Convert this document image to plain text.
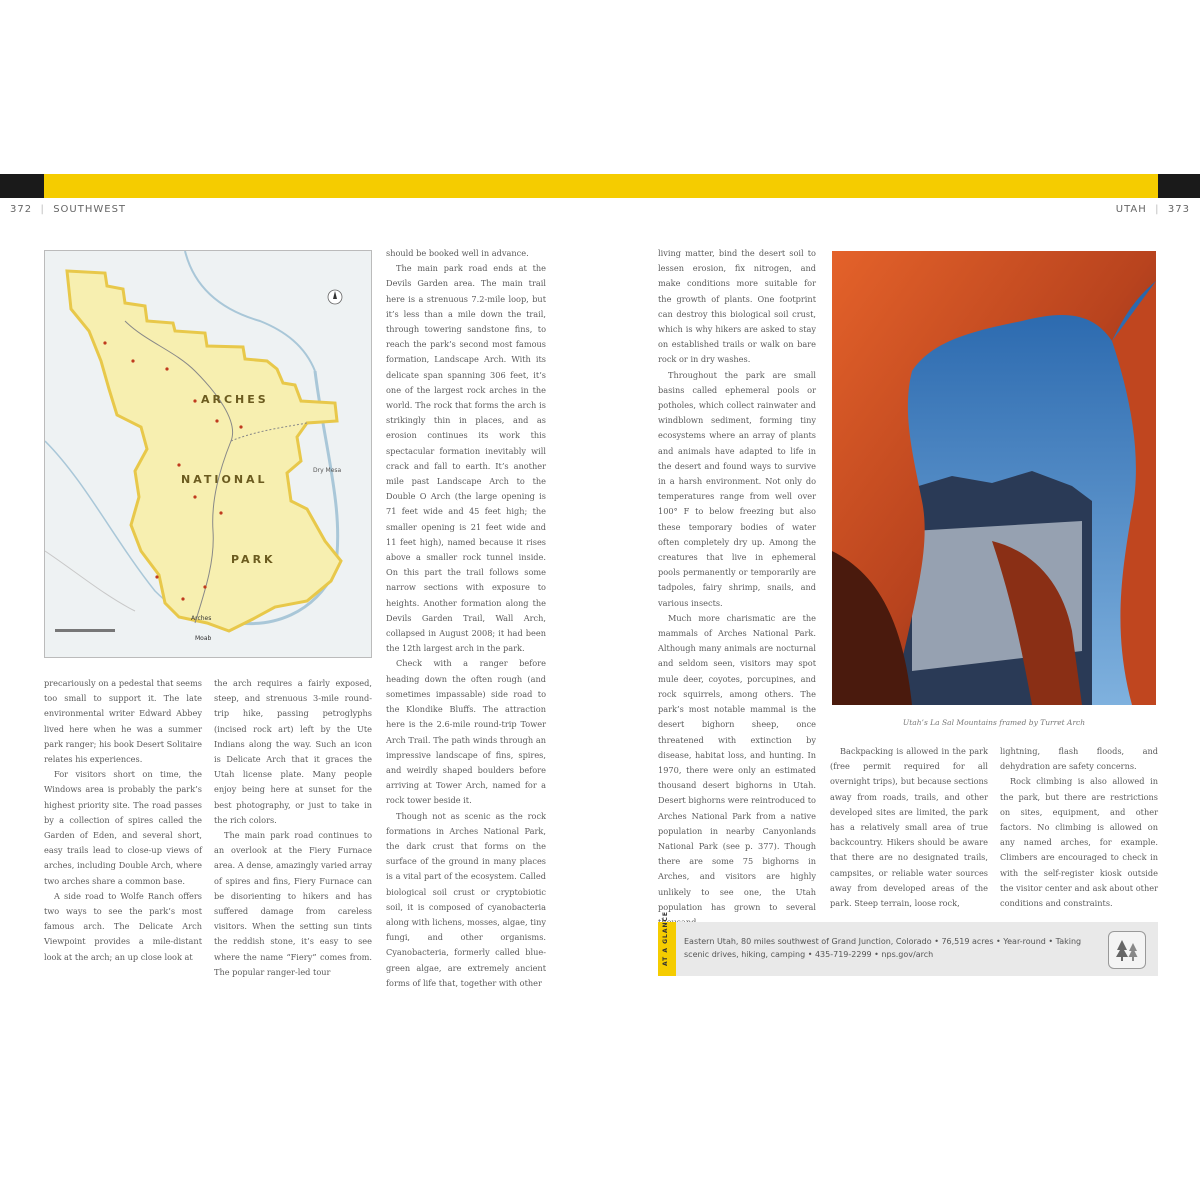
372  |  SOUTHWEST	UTAH  |  373
ARCHES
NATIONAL
PARK
Dry Mesa
Arches
Moab

precariously on a pedestal that seems too small to support it. The late environmental writer Edward Abbey lived here when he was a summer park ranger; his book Desert Solitaire relates his experiences.

For visitors short on time, the Windows area is probably the park’s highest priority site. The road passes by a collection of spires called the Garden of Eden, and several short, easy trails lead to close-up views of arches, including Double Arch, where two arches share a common base.

A side road to Wolfe Ranch offers two ways to see the park’s most famous arch. The Delicate Arch Viewpoint provides a mile-distant look at the arch; an up close look at

the arch requires a fairly exposed, steep, and strenuous 3-mile round-trip hike, passing petroglyphs (incised rock art) left by the Ute Indians along the way. Such an icon is Delicate Arch that it graces the Utah license plate. Many people enjoy being here at sunset for the best photography, or just to take in the rich colors.

The main park road continues to an overlook at the Fiery Furnace area. A dense, amazingly varied array of spires and fins, Fiery Furnace can be disorienting to hikers and has suffered damage from careless visitors. When the setting sun tints the reddish stone, it’s easy to see where the name “Fiery” comes from. The popular ranger-led tour

should be booked well in advance.

The main park road ends at the Devils Garden area. The main trail here is a strenuous 7.2-mile loop, but it’s less than a mile down the trail, through towering sandstone fins, to reach the park’s second most famous formation, Landscape Arch. With its delicate span spanning 306 feet, it’s one of the largest rock arches in the world. The rock that forms the arch is strikingly thin in places, and as erosion continues its work this spectacular formation inevitably will crack and fall to earth. It’s another mile past Landscape Arch to the Double O Arch (the large opening is 71 feet wide and 45 feet high; the smaller opening is 21 feet wide and 11 feet high), named because it rises above a smaller rock tunnel inside. On this part the trail follows some narrow sections with exposure to heights. Another formation along the Devils Garden Trail, Wall Arch, collapsed in August 2008; it had been the 12th largest arch in the park.

Check with a ranger before heading down the often rough (and sometimes impassable) side road to the Klondike Bluffs. The attraction here is the 2.6-mile round-trip Tower Arch Trail. The path winds through an impressive landscape of fins, spires, and weirdly shaped boulders before arriving at Tower Arch, named for a rock tower beside it.

Though not as scenic as the rock formations in Arches National Park, the dark crust that forms on the surface of the ground in many places is a vital part of the ecosystem. Called biological soil crust or cryptobiotic soil, it is composed of cyanobacteria along with lichens, mosses, algae, tiny fungi, and other organisms. Cyanobacteria, formerly called blue-green algae, are extremely ancient forms of life that, together with other

living matter, bind the desert soil to lessen erosion, fix nitrogen, and make conditions more suitable for the growth of plants. One footprint can destroy this biological soil crust, which is why hikers are asked to stay on established trails or walk on bare rock or in dry washes.

Throughout the park are small basins called ephemeral pools or potholes, which collect rainwater and windblown sediment, forming tiny ecosystems where an array of plants and animals have adapted to life in the desert and found ways to survive in a harsh environment. Not only do temperatures range from well over 100° F to below freezing but also these temporary bodies of water often completely dry up. Among the creatures that live in ephemeral pools permanently or temporarily are tadpoles, fairy shrimp, snails, and various insects.

Much more charismatic are the mammals of Arches National Park. Although many animals are nocturnal and seldom seen, visitors may spot mule deer, coyotes, porcupines, and rock squirrels, among others. The park’s most notable mammal is the desert bighorn sheep, once threatened with extinction by disease, habitat loss, and hunting. In 1970, there were only an estimated thousand desert bighorns in Utah. Desert bighorns were reintroduced to Arches National Park from a native population in nearby Canyonlands National Park (see p. 377). Though there are some 75 bighorns in Arches, and visitors are highly unlikely to see one, the Utah population has grown to several

Utah’s La Sal Mountains framed by Turret Arch

Backpacking is allowed in the park (free permit required for all overnight trips), but because sections away from roads, trails, and other developed sites are limited, the park has a relatively small area of true backcountry. Hikers should be aware that there are no designated trails, campsites, or reliable water sources away from developed areas of the park. Steep terrain, loose rock,

lightning, flash floods, and dehydration are safety concerns.

Rock climbing is also allowed in the park, but there are restrictions on sites, equipment, and other factors. No climbing is allowed on any named arches, for example. Climbers are encouraged to check in with the self-register kiosk outside the visitor center and ask about other conditions and constraints.

AT A GLANCE Eastern Utah, 80 miles southwest of Grand Junction, Colorado • 76,519 acres • Year-round • Taking scenic drives, hiking, camping • 435-719-2299 • nps.gov/arch
